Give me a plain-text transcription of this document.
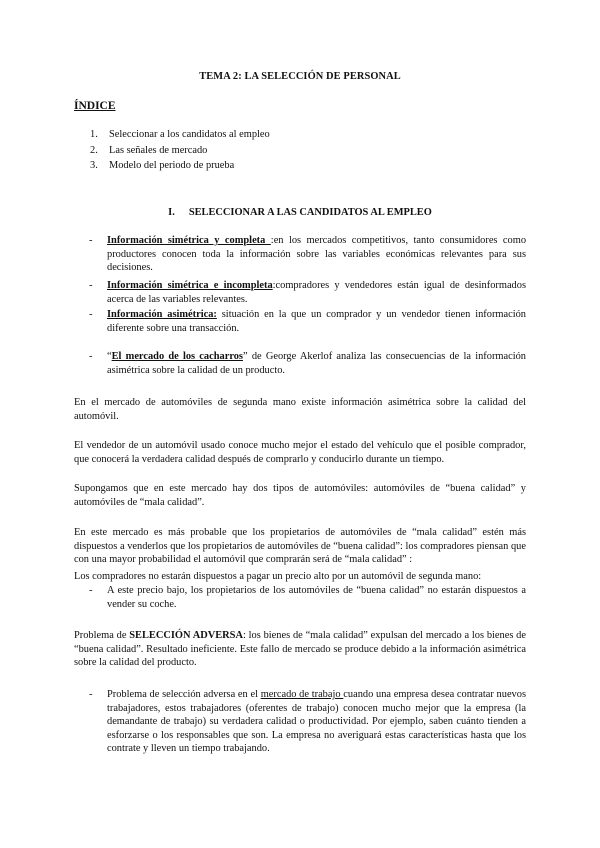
TEMA 2: LA SELECCIÓN DE PERSONAL
ÍNDICE
1.	Seleccionar a los candidatos al empleo
2.	Las señales de mercado
3.	Modelo del periodo de prueba
I. SELECCIONAR A LAS CANDIDATOS AL EMPLEO
- Información simétrica y completa :en los mercados competitivos, tanto consumidores como productores conocen toda la información sobre las variables económicas relevantes para sus decisiones.
- Información simétrica e incompleta:compradores y vendedores están igual de desinformados acerca de las variables relevantes.
- Información asimétrica: situación en la que un comprador y un vendedor tienen información diferente sobre una transacción.
- “El mercado de los cacharros” de George Akerlof analiza las consecuencias de la información asimétrica sobre la calidad de un producto.
En el mercado de automóviles de segunda mano existe información asimétrica sobre la calidad del automóvil.
El vendedor de un automóvil usado conoce mucho mejor el estado del vehículo que el posible comprador, que conocerá la verdadera calidad después de comprarlo y conducirlo durante un tiempo.
Supongamos que en este mercado hay dos tipos de automóviles: automóviles de “buena calidad” y automóviles de “mala calidad”.
En este mercado es más probable que los propietarios de automóviles de “mala calidad” estén más dispuestos a venderlos que los propietarios de automóviles de “buena calidad”: los compradores piensan que con una mayor probabilidad el automóvil que comprarán será de “mala calidad” :
Los compradores no estarán dispuestos a pagar un precio alto por un automóvil de segunda mano:
- A este precio bajo, los propietarios de los automóviles de “buena calidad” no estarán dispuestos a vender su coche.
Problema de SELECCIÓN ADVERSA: los bienes de “mala calidad” expulsan del mercado a los bienes de “buena calidad”. Resultado ineficiente. Este fallo de mercado se produce debido a la información asimétrica sobre la calidad del producto.
- Problema de selección adversa en el mercado de trabajo cuando una empresa desea contratar nuevos trabajadores, estos trabajadores (oferentes de trabajo) conocen mucho mejor que la empresa (la demandante de trabajo) su verdadera calidad o productividad. Por ejemplo, saben cuánto tienden a esforzarse o los responsables que son. La empresa no averiguará estas características hasta que los contrate y lleven un tiempo trabajando.
